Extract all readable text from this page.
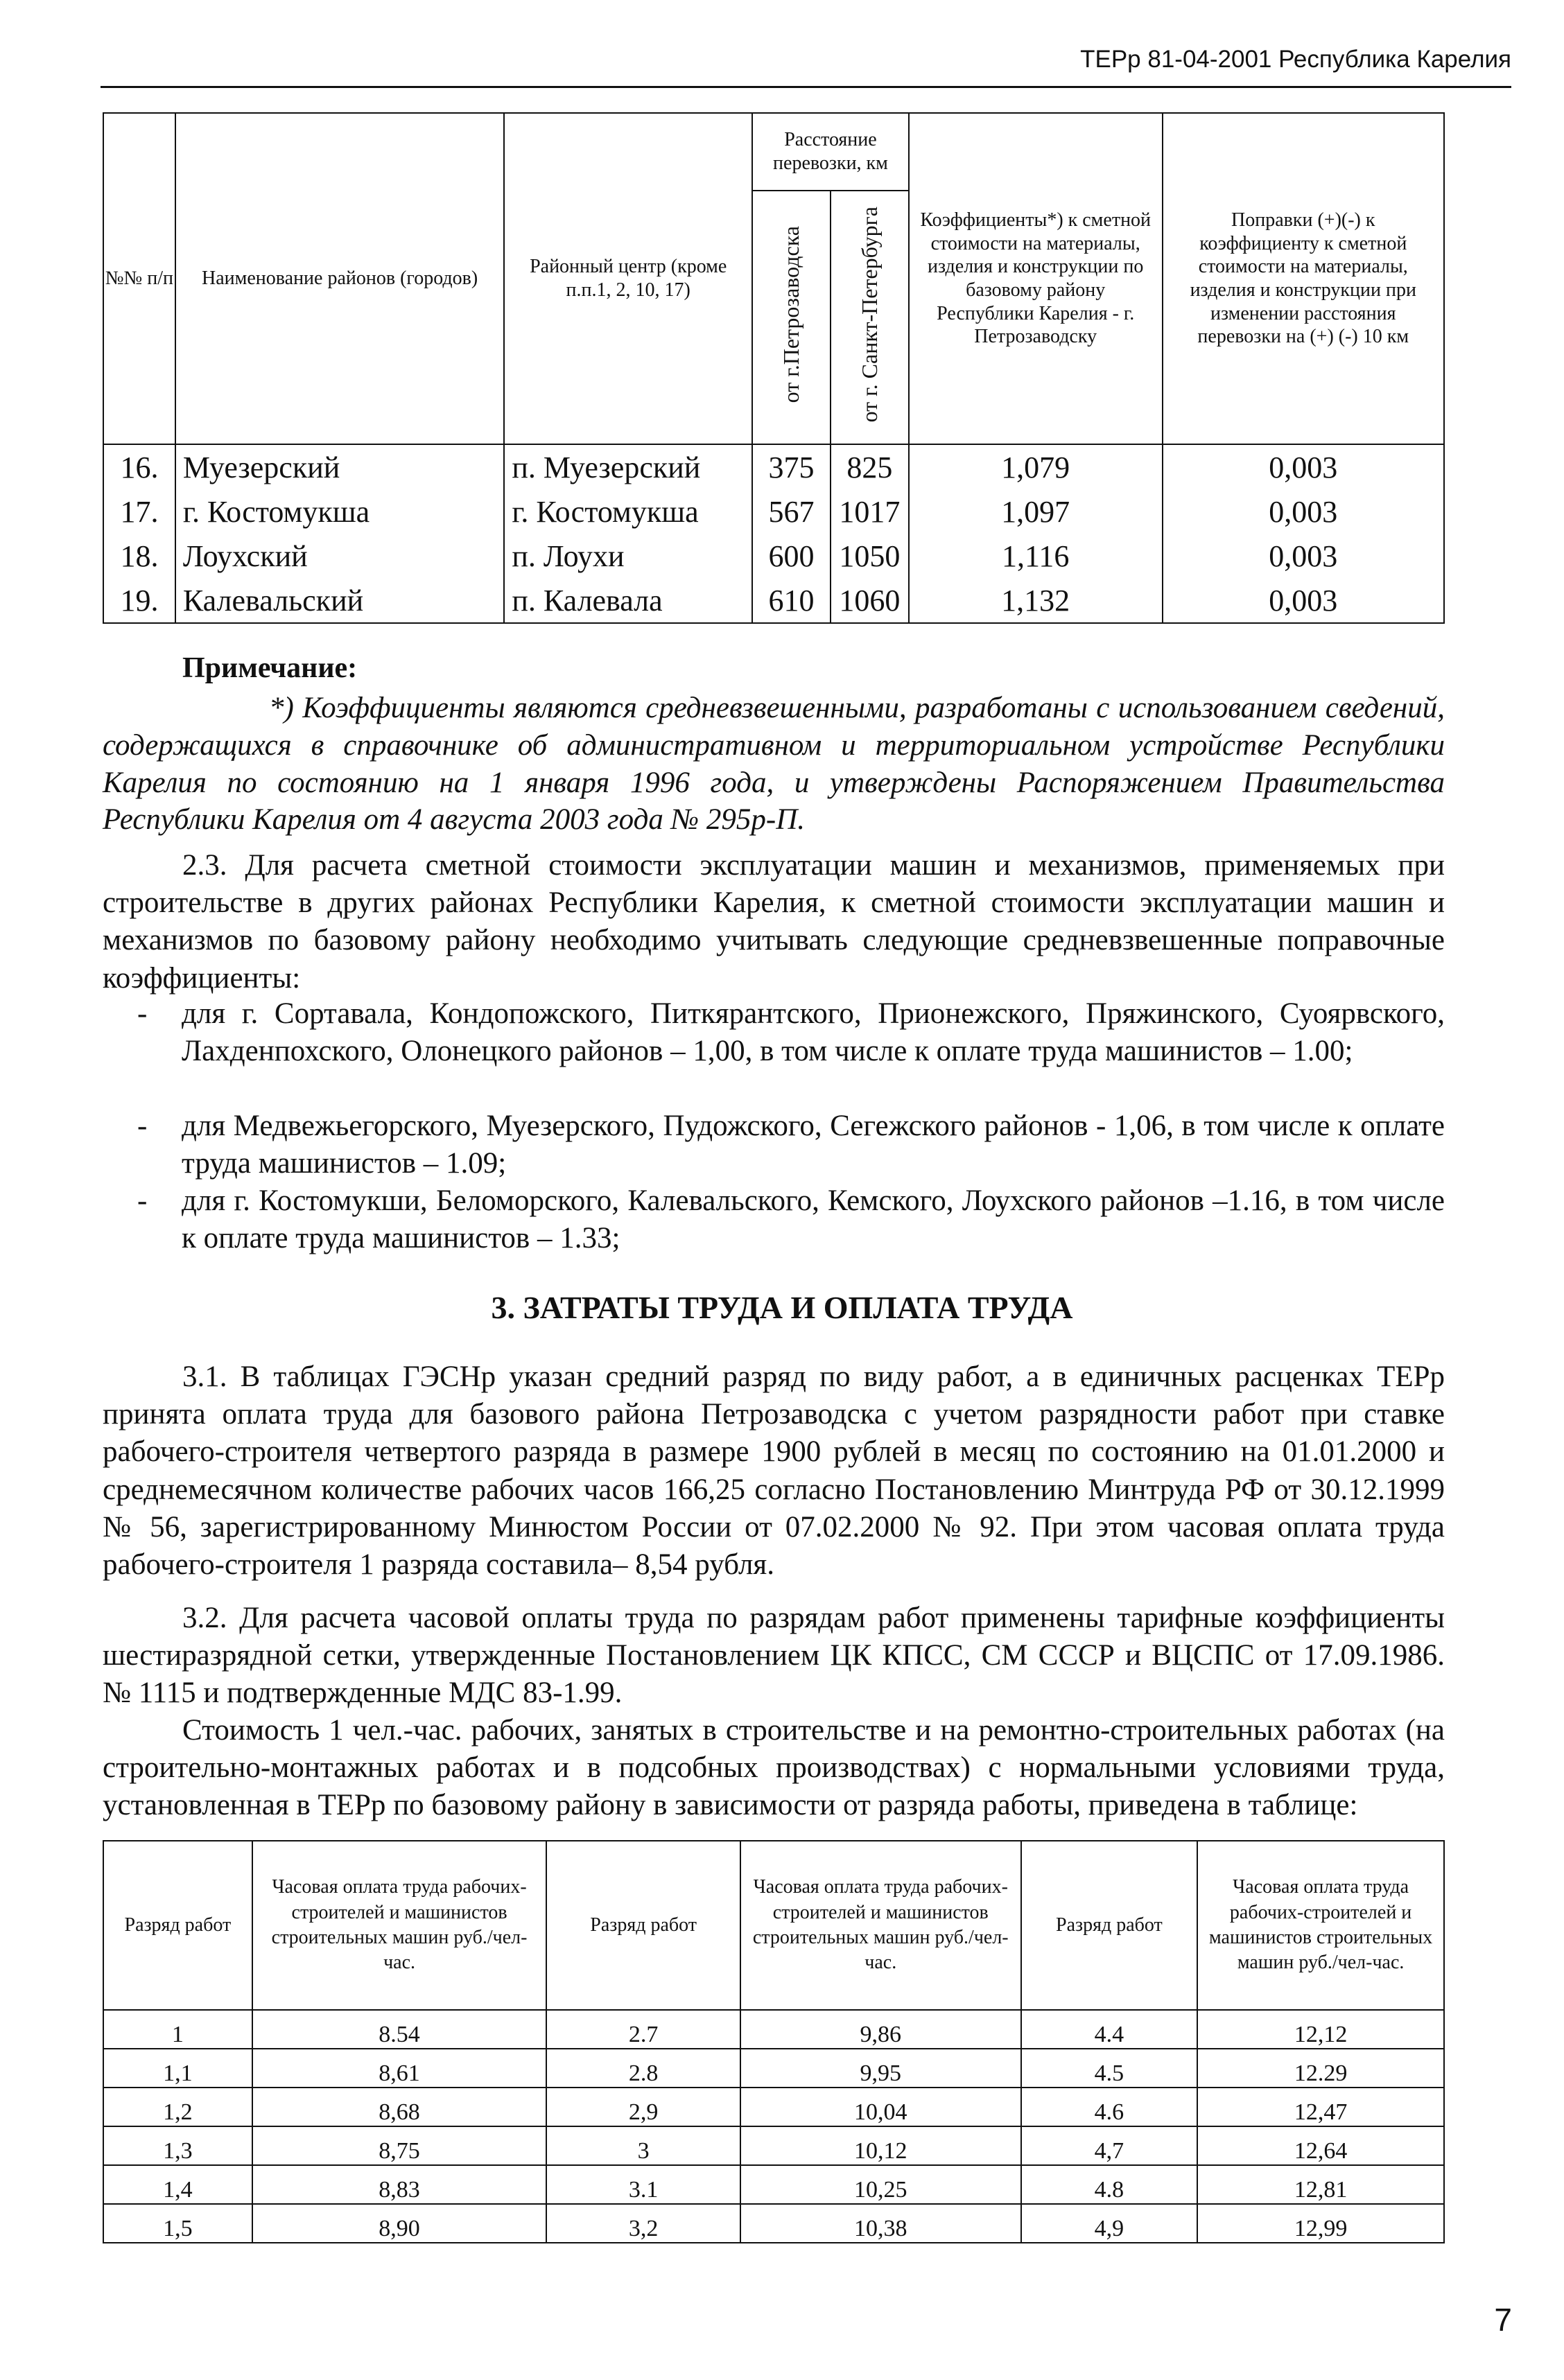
ТЕРр 81-04-2001 Республика Карелия
№№ п/п	Наименование районов (городов)	Районный центр (кроме п.п.1, 2, 10, 17)	Расстояние перевозки, км		Коэффициенты*) к сметной стоимости на материалы, изделия и конструкции по базовому району Республики Карелия - г. Петрозаводску	Поправки (+)(-) к коэффициенту к сметной стоимости на материалы, изделия и конструкции при изменении расстояния перевозки на (+) (-) 10 км
			от г.Петрозаводска	от г. Санкт-Петербурга		
16.	Муезерский	п. Муезерский	375	825	1,079	0,003
17.	г. Костомукша	г. Костомукша	567	1017	1,097	0,003
18.	Лоухский	п. Лоухи	600	1050	1,116	0,003
19.	Калевальский	п. Калевала	610	1060	1,132	0,003
Примечание:
*) Коэффициенты являются средневзвешенными, разработаны с использованием сведений, содержащихся в справочнике об административном и территориальном устройстве Республики Карелия по состоянию на 1 января 1996 года, и утверждены Распоряжением Правительства Республики Карелия от 4 августа 2003 года № 295р-П.
2.3. Для расчета сметной стоимости эксплуатации машин и механизмов, применяемых при строительстве в других районах Республики Карелия, к сметной стоимости эксплуатации машин и механизмов по базовому району необходимо учитывать следующие средневзвешенные поправочные коэффициенты:
- для г. Сортавала, Кондопожского, Питкярантского, Прионежского, Пряжинского, Суоярвского, Лахденпохского, Олонецкого районов – 1,00, в том числе к оплате труда машинистов – 1.00;
- для Медвежьегорского, Муезерского, Пудожского, Сегежского районов - 1,06, в том числе к оплате труда машинистов – 1.09;
- для г. Костомукши, Беломорского, Калевальского, Кемского, Лоухского районов –1.16, в том числе к оплате труда машинистов – 1.33;
3. ЗАТРАТЫ ТРУДА И ОПЛАТА ТРУДА
3.1. В таблицах ГЭСНр указан средний разряд по виду работ, а в единичных расценках ТЕРр принята оплата труда для базового района Петрозаводска с учетом разрядности работ при ставке рабочего-строителя четвертого разряда в размере 1900 рублей в месяц по состоянию на 01.01.2000 и среднемесячном количестве рабочих часов 166,25 согласно Постановлению Минтруда РФ от 30.12.1999 № 56, зарегистрированному Минюстом России от 07.02.2000 № 92. При этом часовая оплата труда рабочего-строителя 1 разряда составила– 8,54 рубля.
3.2. Для расчета часовой оплаты труда по разрядам работ применены тарифные коэффициенты шестиразрядной сетки, утвержденные Постановлением ЦК КПСС, СМ СССР и ВЦСПС от 17.09.1986. № 1115 и подтвержденные МДС 83-1.99.
Стоимость 1 чел.-час. рабочих, занятых в строительстве и на ремонтно-строительных работах (на строительно-монтажных работах и в подсобных производствах) с нормальными условиями труда, установленная в ТЕРр по базовому району в зависимости от разряда работы, приведена в таблице:
Разряд работ	Часовая оплата труда рабочих-строителей и машинистов строительных машин руб./чел-час.	Разряд работ	Часовая оплата труда рабочих-строителей и машинистов строительных машин руб./чел-час.	Разряд работ	Часовая оплата труда рабочих-строителей и машинистов строительных машин руб./чел-час.
1	8.54	2.7	9,86	4.4	12,12
1,1	8,61	2.8	9,95	4.5	12.29
1,2	8,68	2,9	10,04	4.6	12,47
1,3	8,75	3	10,12	4,7	12,64
1,4	8,83	3.1	10,25	4.8	12,81
1,5	8,90	3,2	10,38	4,9	12,99
7
